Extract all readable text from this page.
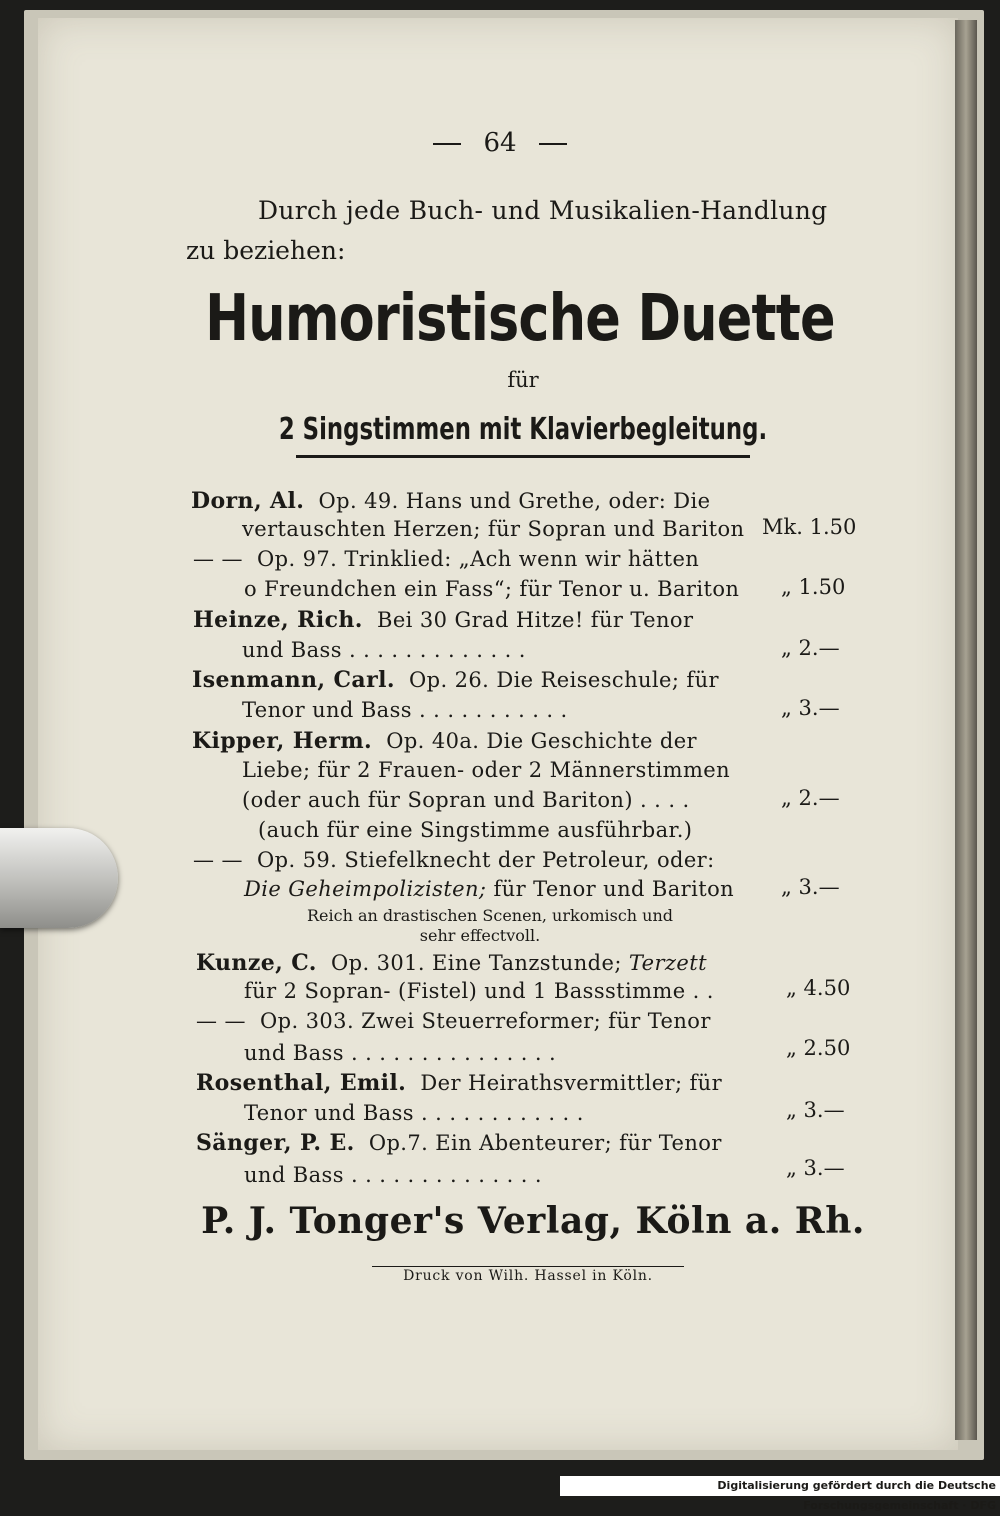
64
Durch jede Buch- und Musikalien-Handlung
zu beziehen:
Humoristische Duette
für
2 Singstimmen mit Klavierbegleitung.
Dorn, Al. Op. 49. Hans und Grethe, oder: Die
vertauschten Herzen; für Sopran und Bariton Mk. 1.50
— — Op. 97. Trinklied: „Ach wenn wir hätten
o Freundchen ein Fass“; für Tenor u. Bariton „ 1.50
Heinze, Rich. Bei 30 Grad Hitze! für Tenor
und Bass . . . . . . . . . . . . .	„ 2.—
Isenmann, Carl. Op. 26. Die Reiseschule; für
Tenor und Bass . . . . . . . . . . .	„ 3.—
Kipper, Herm. Op. 40a. Die Geschichte der
Liebe; für 2 Frauen- oder 2 Männerstimmen
(oder auch für Sopran und Bariton) . . . .	„ 2.—
(auch für eine Singstimme ausführbar.)
— — Op. 59. Stiefelknecht der Petroleur, oder:
Die Geheimpolizisten; für Tenor und Bariton „ 3.—
Reich an drastischen Scenen, urkomisch und
sehr effectvoll.
Kunze, C. Op. 301. Eine Tanzstunde; Terzett
für 2 Sopran- (Fistel) und 1 Bassstimme . .	„ 4.50
— — Op. 303. Zwei Steuerreformer; für Tenor
und Bass . . . . . . . . . . . . . . .	„ 2.50
Rosenthal, Emil. Der Heirathsvermittler; für
Tenor und Bass . . . . . . . . . . . .	„ 3.—
Sänger, P. E. Op.7. Ein Abenteurer; für Tenor
und Bass . . . . . . . . . . . . . .	„ 3.—
P. J. Tonger's Verlag, Köln a. Rh.
Druck von Wilh. Hassel in Köln.
Digitalisierung gefördert durch die Deutsche Forschungsgemeinschaft · DFG
